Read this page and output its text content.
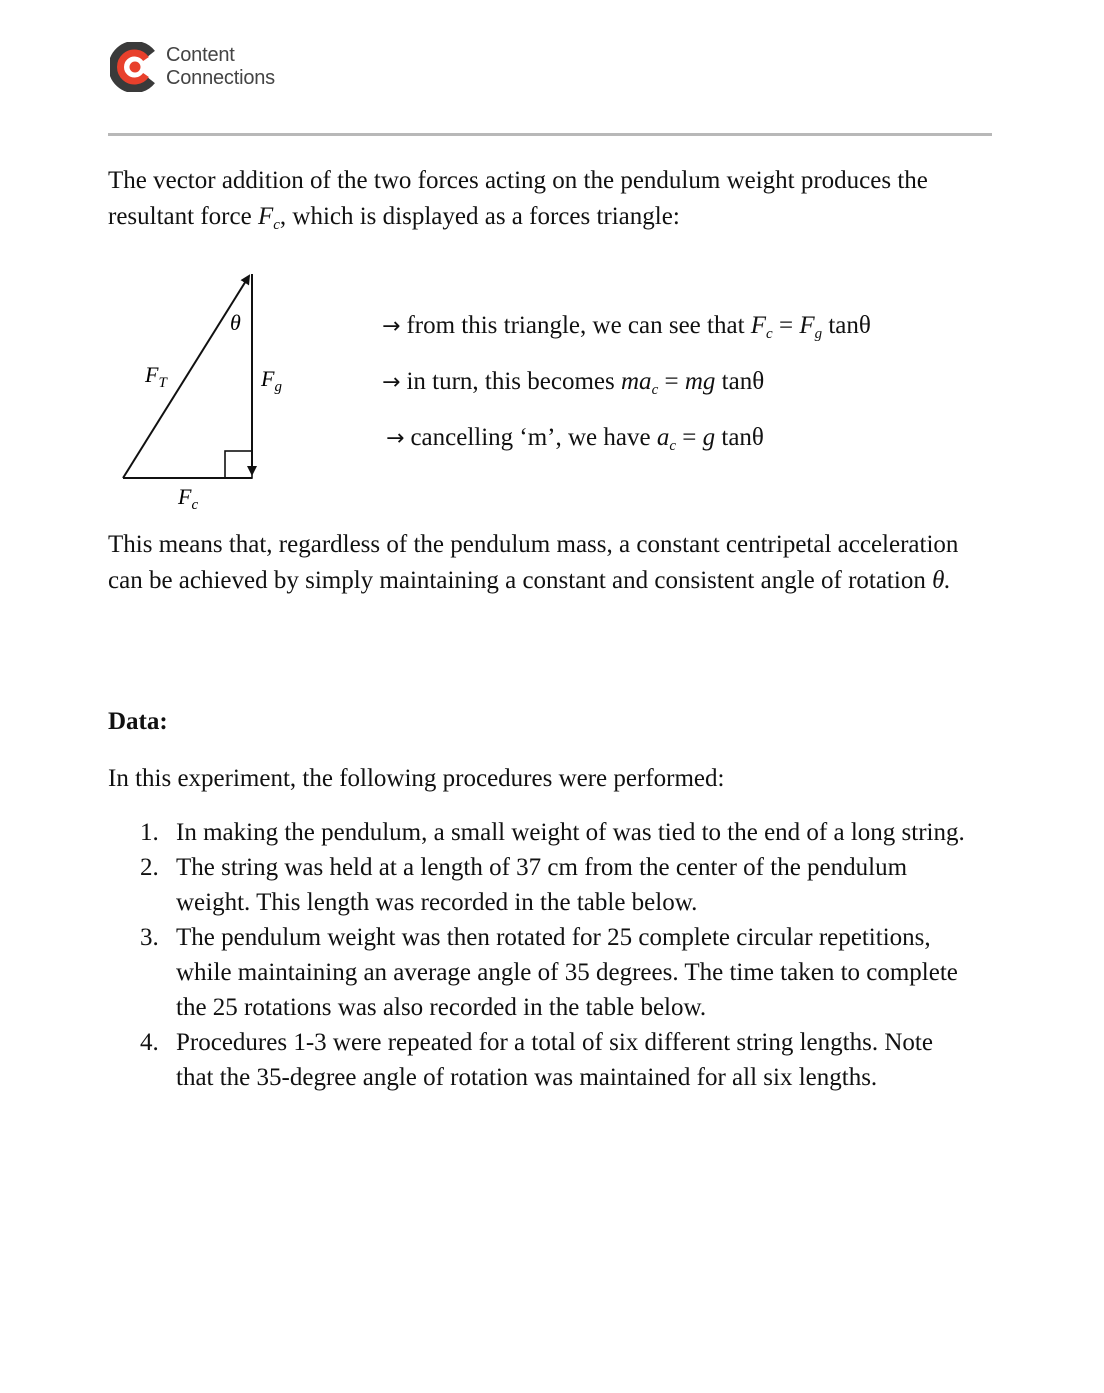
Content
Connections

The vector addition of the two forces acting on the pendulum weight produces the resultant force $F_c$, which is displayed as a forces triangle:

θ
$F_T$	$F_g$
$F_c$
→ from this triangle, we can see that $F_c = F_g$ tanθ
→ in turn, this becomes $ma_c$ = mg tanθ
→ cancelling ‘m’, we have $a_c = g$ tanθ

This means that, regardless of the pendulum mass, a constant centripetal acceleration can be achieved by simply maintaining a constant and consistent angle of rotation θ.

Data:

In this experiment, the following procedures were performed:

1. In making the pendulum, a small weight of was tied to the end of a long string.
2. The string was held at a length of 37 cm from the center of the pendulum weight. This length was recorded in the table below.
3. The pendulum weight was then rotated for 25 complete circular repetitions, while maintaining an average angle of 35 degrees. The time taken to complete the 25 rotations was also recorded in the table below.
4. Procedures 1-3 were repeated for a total of six different string lengths. Note that the 35-degree angle of rotation was maintained for all six lengths.
